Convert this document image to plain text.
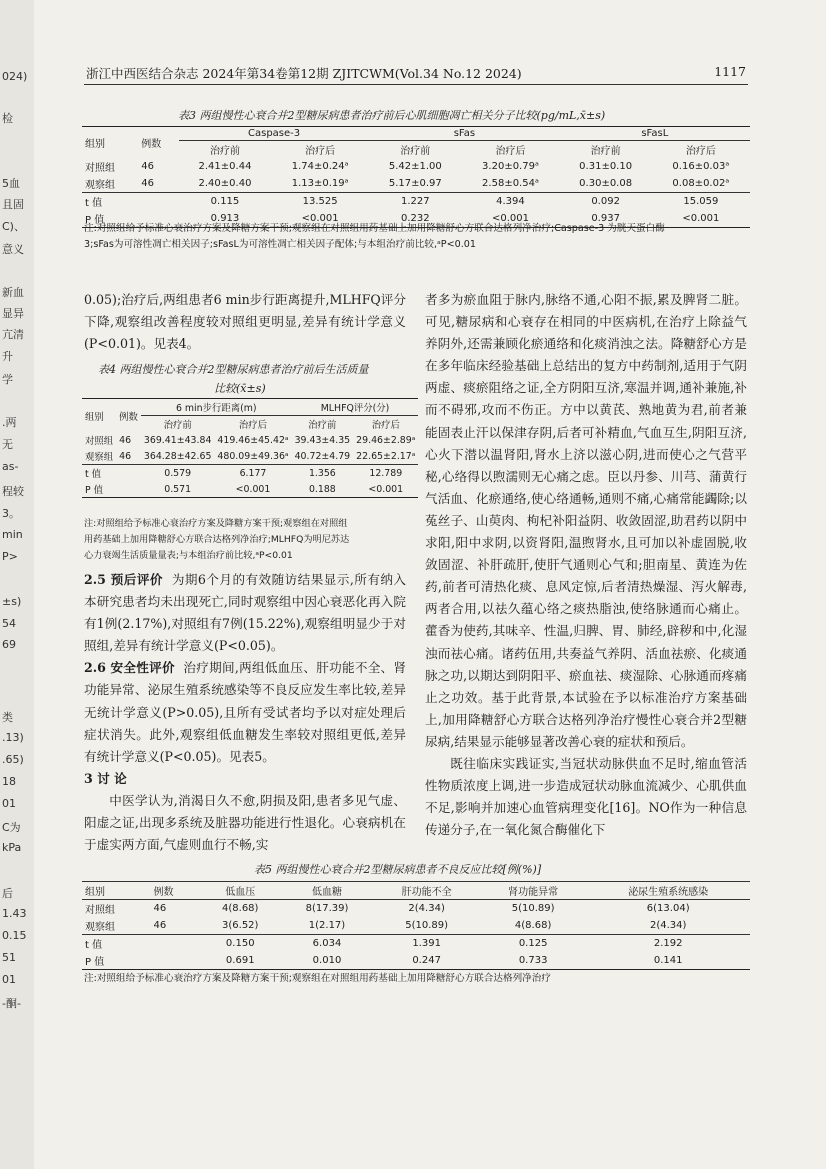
024)
检
5血
且固
C)、
意义
新血
显异
亢清
升
学
.两
无
as-
程较
3。
min
P>
±s)
54
69
类
.13)
.65)
18
01
C为
kPa
后
1.43
0.15
51
01
-酮-
浙江中西医结合杂志 2024年第34卷第12期 ZJITCWM(Vol.34 No.12 2024)	1117
表3 两组慢性心衰合并2型糖尿病患者治疗前后心肌细胞凋亡相关分子比较(pg/mL,x̄±s)
组别	例数	Caspase-3		sFas		sFasL	
		治疗前	治疗后	治疗前	治疗后	治疗前	治疗后
对照组	46	2.41±0.44	1.74±0.24ᵃ	5.42±1.00	3.20±0.79ᵃ	0.31±0.10	0.16±0.03ᵃ
观察组	46	2.40±0.40	1.13±0.19ᵃ	5.17±0.97	2.58±0.54ᵃ	0.30±0.08	0.08±0.02ᵃ
t 值		0.115	13.525	1.227	4.394	0.092	15.059
P 值		0.913	<0.001	0.232	<0.001	0.937	<0.001
注:对照组给予标准心衰治疗方案及降糖方案干预;观察组在对照组用药基础上加用降糖舒心方联合达格列净治疗;Caspase-3 为胱天蛋白酶
3;sFas为可溶性凋亡相关因子;sFasL为可溶性凋亡相关因子配体;与本组治疗前比较,ᵃP<0.01

0.05);治疗后,两组患者6 min步行距离提升,MLHFQ评分下降,观察组改善程度较对照组更明显,差异有统计学意义(P<0.01)。见表4。

表4 两组慢性心衰合并2型糖尿病患者治疗前后生活质量
比较(x̄±s)
组别	例数	6 min步行距离(m)		MLHFQ评分(分)	
		治疗前	治疗后	治疗前	治疗后
对照组	46	369.41±43.84	419.46±45.42ᵃ	39.43±4.35	29.46±2.89ᵃ
观察组	46	364.28±42.65	480.09±49.36ᵃ	40.72±4.79	22.65±2.17ᵃ
t 值		0.579	6.177	1.356	12.789
P 值		0.571	<0.001	0.188	<0.001
注:对照组给予标准心衰治疗方案及降糖方案干预;观察组在对照组
用药基础上加用降糖舒心方联合达格列净治疗;MLHFQ为明尼苏达
心力衰竭生活质量量表;与本组治疗前比较,ᵃP<0.01

2.5 预后评价 为期6个月的有效随访结果显示,所有纳入本研究患者均未出现死亡,同时观察组中因心衰恶化再入院有1例(2.17%),对照组有7例(15.22%),观察组明显少于对照组,差异有统计学意义(P<0.05)。

2.6 安全性评价 治疗期间,两组低血压、肝功能不全、肾功能异常、泌尿生殖系统感染等不良反应发生率比较,差异无统计学意义(P>0.05),且所有受试者均予以对症处理后症状消失。此外,观察组低血糖发生率较对照组更低,差异有统计学意义(P<0.05)。见表5。

3 讨 论

中医学认为,消渴日久不愈,阴损及阳,患者多见气虚、阳虚之证,出现多系统及脏器功能进行性退化。心衰病机在于虚实两方面,气虚则血行不畅,实

者多为瘀血阻于脉内,脉络不通,心阳不振,累及脾肾二脏。可见,糖尿病和心衰存在相同的中医病机,在治疗上除益气养阴外,还需兼顾化瘀通络和化痰消浊之法。降糖舒心方是在多年临床经验基础上总结出的复方中药制剂,适用于气阴两虚、痰瘀阻络之证,全方阴阳互济,寒温并调,通补兼施,补而不碍邪,攻而不伤正。方中以黄芪、熟地黄为君,前者兼能固表止汗以保津存阴,后者可补精血,气血互生,阴阳互济,心火下潜以温肾阳,肾水上济以滋心阴,进而使心之气营平秘,心络得以煦濡则无心痛之虑。臣以丹参、川芎、蒲黄行气活血、化瘀通络,使心络通畅,通则不痛,心痛常能蠲除;以菟丝子、山萸肉、枸杞补阳益阴、收敛固涩,助君药以阴中求阳,阳中求阴,以资肾阳,温煦肾水,且可加以补虚固脱,收敛固涩、补肝疏肝,使肝气通则心气和;胆南星、黄连为佐药,前者可清热化痰、息风定惊,后者清热燥湿、泻火解毒,两者合用,以祛久蕴心络之痰热脂浊,使络脉通而心痛止。藿香为使药,其味辛、性温,归脾、胃、肺经,辟秽和中,化湿浊而祛心痛。诸药伍用,共奏益气养阴、活血祛瘀、化痰通脉之功,以期达到阴阳平、瘀血祛、痰湿除、心脉通而疼痛止之功效。基于此背景,本试验在予以标准治疗方案基础上,加用降糖舒心方联合达格列净治疗慢性心衰合并2型糖尿病,结果显示能够显著改善心衰的症状和预后。

既往临床实践证实,当冠状动脉供血不足时,缩血管活性物质浓度上调,进一步造成冠状动脉血流减少、心肌供血不足,影响并加速心血管病理变化[16]。NO作为一种信息传递分子,在一氧化氮合酶催化下

表5 两组慢性心衰合并2型糖尿病患者不良反应比较[例(%)]
组别	例数	低血压	低血糖	肝功能不全	肾功能异常	泌尿生殖系统感染
对照组	46	4(8.68)	8(17.39)	2(4.34)	5(10.89)	6(13.04)
观察组	46	3(6.52)	1(2.17)	5(10.89)	4(8.68)	2(4.34)
t 值		0.150	6.034	1.391	0.125	2.192
P 值		0.691	0.010	0.247	0.733	0.141
注:对照组给予标准心衰治疗方案及降糖方案干预;观察组在对照组用药基础上加用降糖舒心方联合达格列净治疗
